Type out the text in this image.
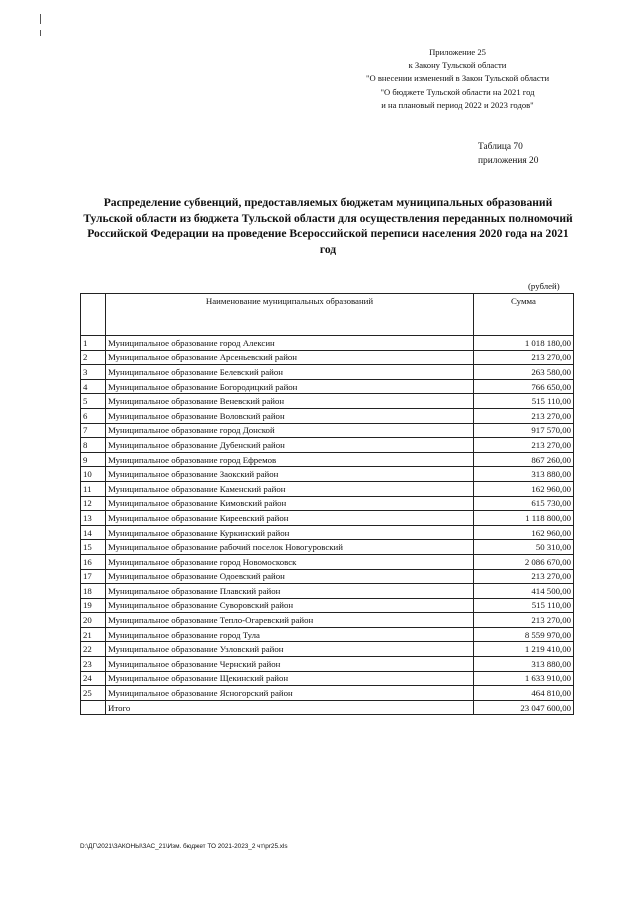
Приложение 25
к Закону Тульской области
"О внесении изменений в Закон Тульской области
"О бюджете Тульской области на 2021 год
и на плановый период 2022 и 2023 годов"
Таблица 70
приложения 20
Распределение субвенций, предоставляемых бюджетам муниципальных образований Тульской области из бюджета Тульской области для осуществления переданных полномочий Российской Федерации на проведение Всероссийской переписи населения 2020 года на 2021 год
(рублей)
	Наименование муниципальных образований	Сумма
1	Муниципальное образование город Алексин	1 018 180,00
2	Муниципальное образование Арсеньевский район	213 270,00
3	Муниципальное образование Белевский район	263 580,00
4	Муниципальное образование Богородицкий район	766 650,00
5	Муниципальное образование Веневский район	515 110,00
6	Муниципальное образование Воловский район	213 270,00
7	Муниципальное образование город Донской	917 570,00
8	Муниципальное образование Дубенский район	213 270,00
9	Муниципальное образование город Ефремов	867 260,00
10	Муниципальное образование Заокский район	313 880,00
11	Муниципальное образование Каменский район	162 960,00
12	Муниципальное образование Кимовский район	615 730,00
13	Муниципальное образование Киреевский район	1 118 800,00
14	Муниципальное образование Куркинский район	162 960,00
15	Муниципальное образование рабочий поселок Новогуровский	50 310,00
16	Муниципальное образование город Новомосковск	2 086 670,00
17	Муниципальное образование Одоевский район	213 270,00
18	Муниципальное образование Плавский район	414 500,00
19	Муниципальное образование Суворовский район	515 110,00
20	Муниципальное образование Тепло-Огаревский район	213 270,00
21	Муниципальное образование город Тула	8 559 970,00
22	Муниципальное образование Узловский район	1 219 410,00
23	Муниципальное образование Чернский район	313 880,00
24	Муниципальное образование Щекинский район	1 633 910,00
25	Муниципальное образование Ясногорский район	464 810,00
	Итого	23 047 600,00
D:\ДГ\2021\ЗАКОНЫ\ЗАС_21\Изм. бюджет ТО 2021-2023_2 чт\pr25.xls
